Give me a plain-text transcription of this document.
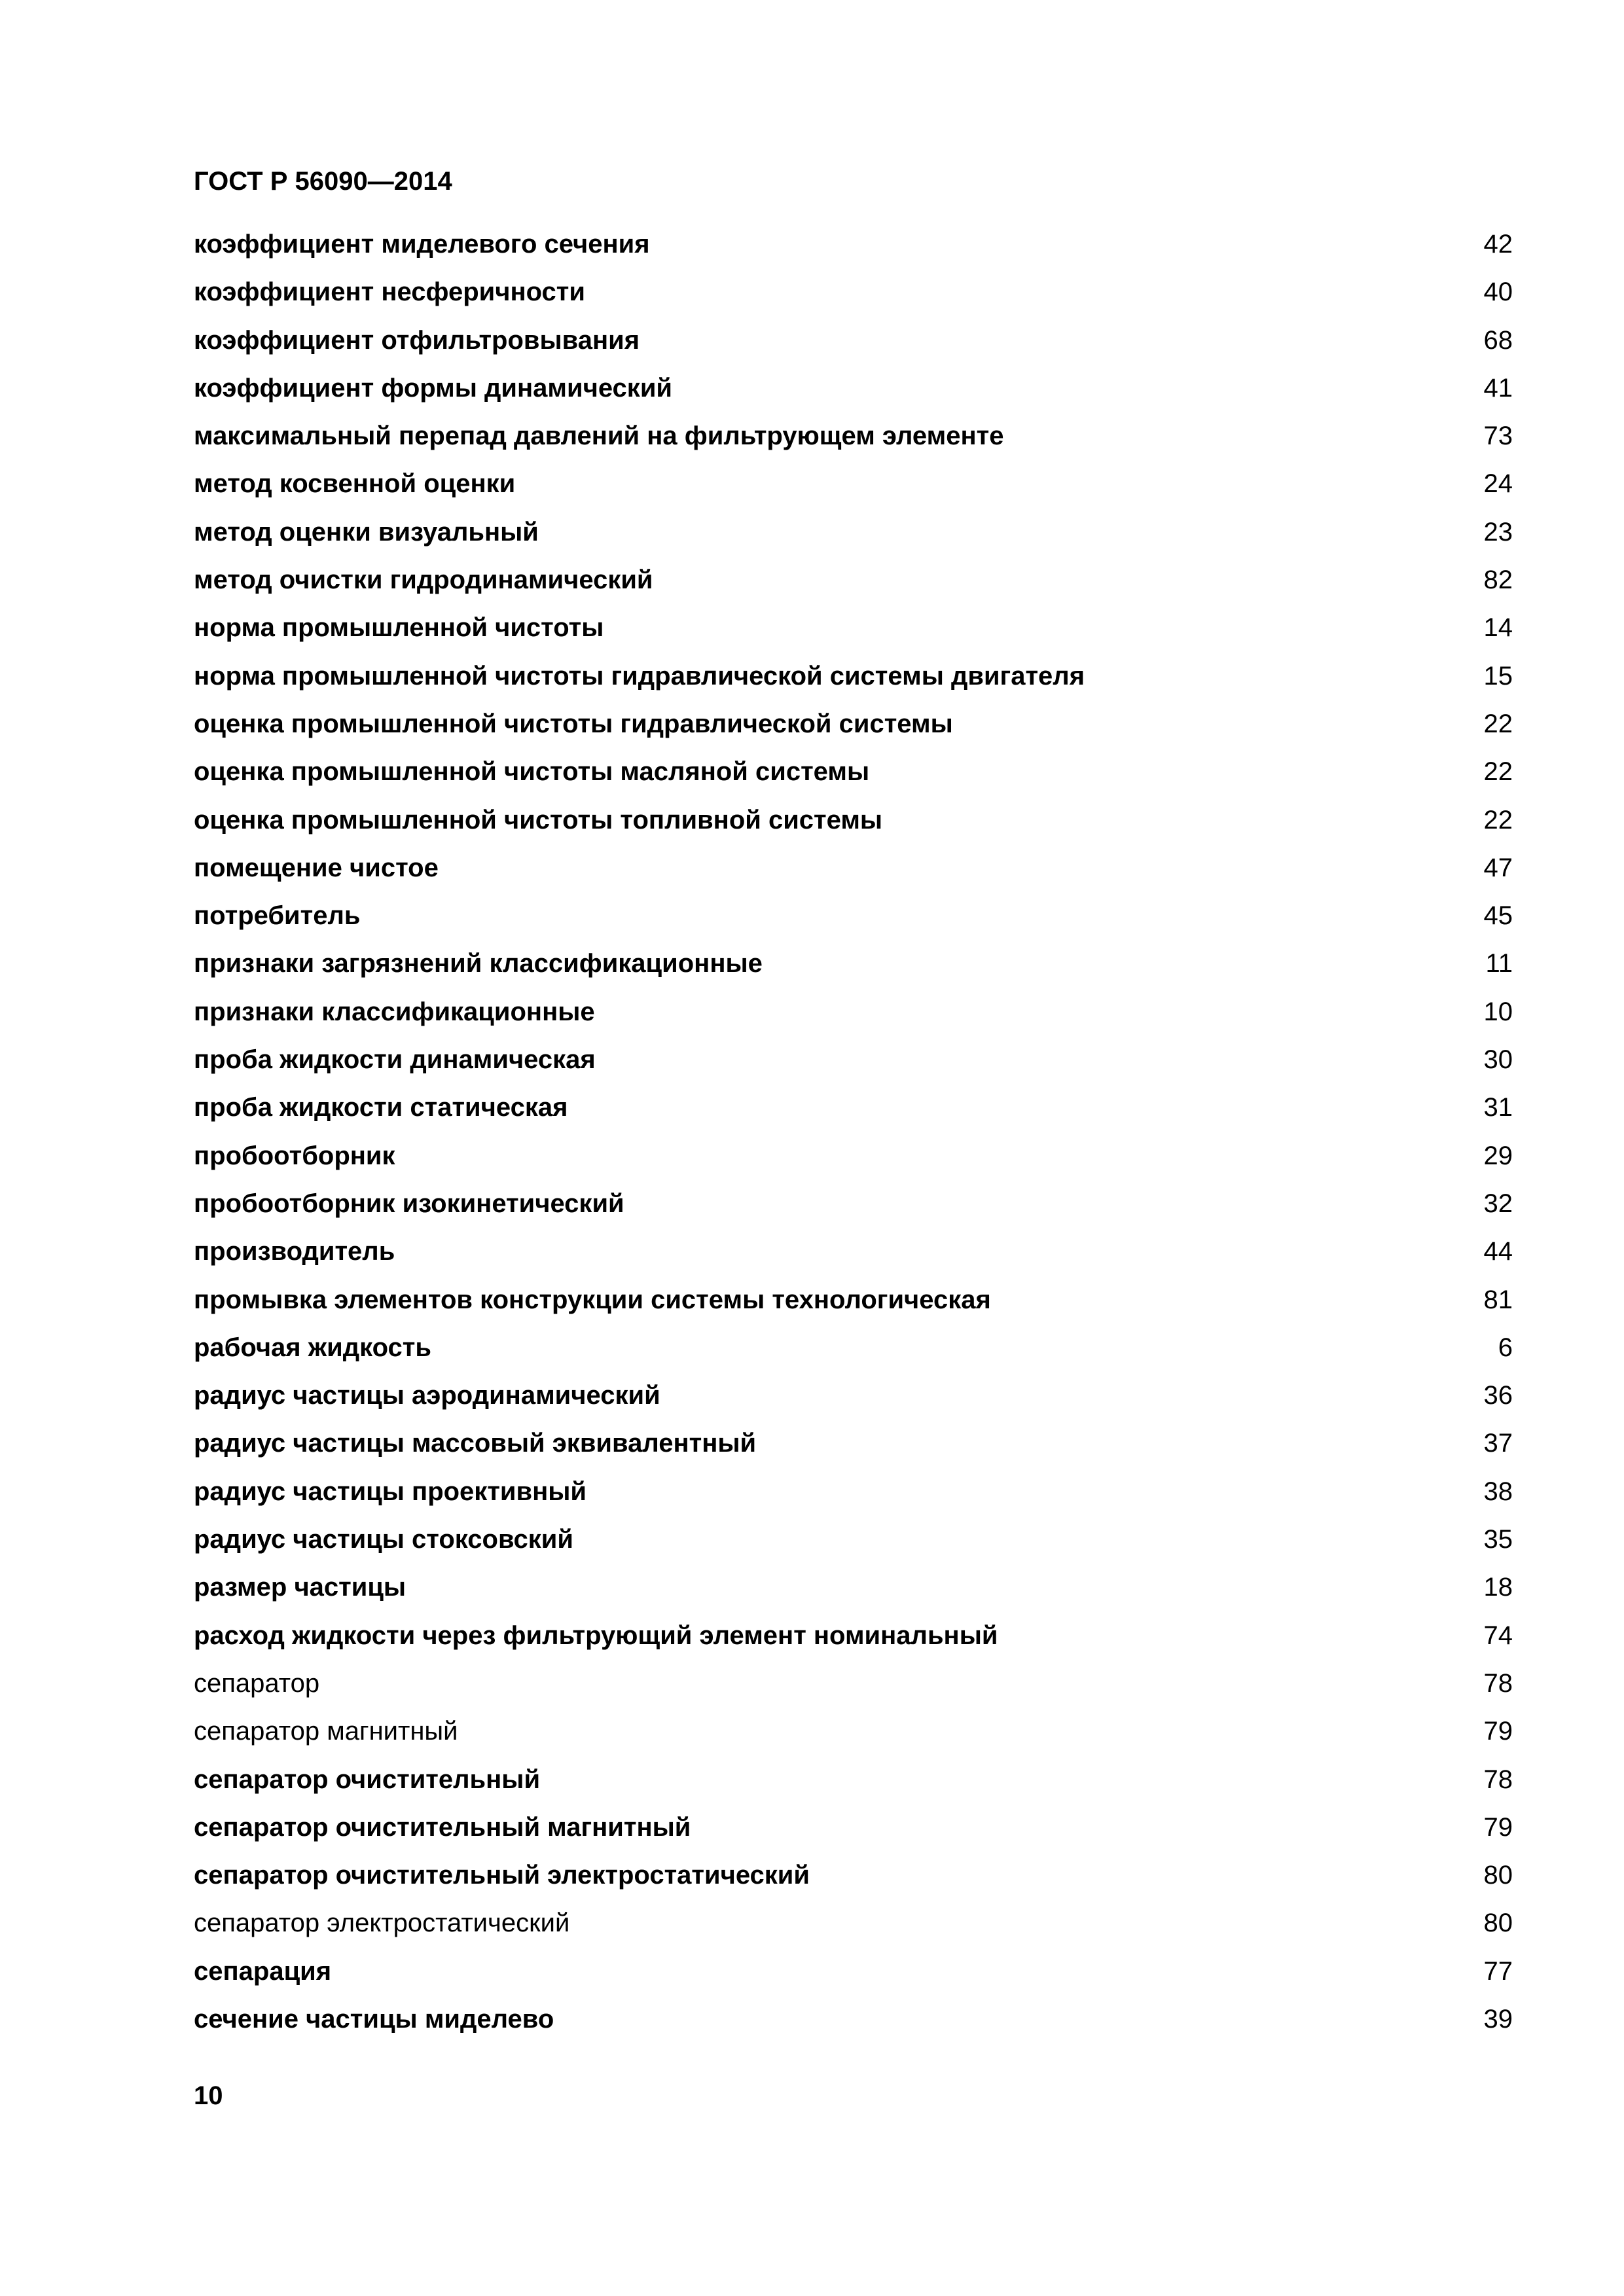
ГОСТ Р 56090—2014
коэффициент миделевого сечения	42
коэффициент несферичности	40
коэффициент отфильтровывания	68
коэффициент формы динамический	41
максимальный перепад давлений на фильтрующем элементе	73
метод косвенной оценки	24
метод оценки визуальный	23
метод очистки гидродинамический	82
норма промышленной чистоты	14
норма промышленной чистоты гидравлической системы двигателя	15
оценка промышленной чистоты гидравлической системы	22
оценка промышленной чистоты масляной системы	22
оценка промышленной чистоты топливной системы	22
помещение чистое	47
потребитель	45
признаки загрязнений классификационные	11
признаки классификационные	10
проба жидкости динамическая	30
проба жидкости статическая	31
пробоотборник	29
пробоотборник изокинетический	32
производитель	44
промывка элементов конструкции системы технологическая	81
рабочая жидкость	6
радиус частицы аэродинамический	36
радиус частицы массовый эквивалентный	37
радиус частицы проективный	38
радиус частицы стоксовский	35
размер частицы	18
расход жидкости через фильтрующий элемент номинальный	74
сепаратор	78
сепаратор магнитный	79
сепаратор очистительный	78
сепаратор очистительный магнитный	79
сепаратор очистительный электростатический	80
сепаратор электростатический	80
сепарация	77
сечение частицы миделево	39
10
